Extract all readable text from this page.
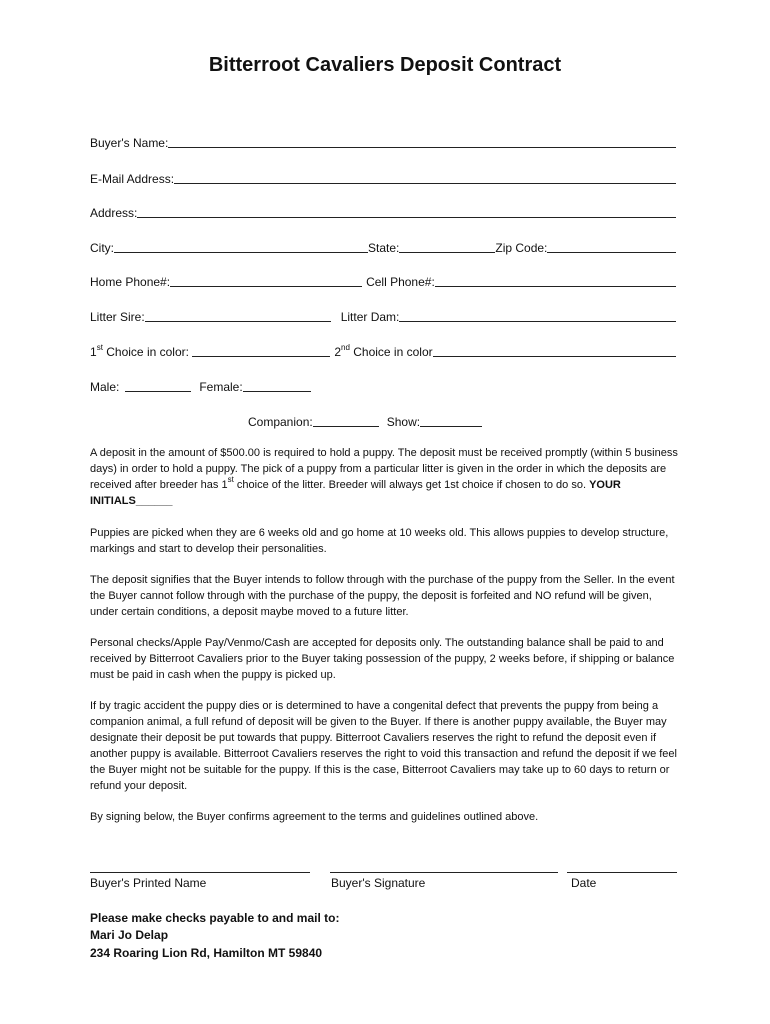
Bitterroot Cavaliers Deposit Contract
Buyer's Name:
E-Mail Address:
Address:
City:	State:	Zip Code:
Home Phone#:	Cell Phone#:
Litter Sire:	Litter Dam:
1st Choice in color:	2nd Choice in color
Male:	Female:
Companion:	Show:

A deposit in the amount of $500.00 is required to hold a puppy. The deposit must be received promptly (within 5 business days) in order to hold a puppy. The pick of a puppy from a particular litter is given in the order in which the deposits are received after breeder has 1st choice of the litter. Breeder will always get 1st choice if chosen to do so. YOUR INITIALS______

Puppies are picked when they are 6 weeks old and go home at 10 weeks old. This allows puppies to develop structure, markings and start to develop their personalities.

The deposit signifies that the Buyer intends to follow through with the purchase of the puppy from the Seller. In the event the Buyer cannot follow through with the purchase of the puppy, the deposit is forfeited and NO refund will be given, under certain conditions, a deposit maybe moved to a future litter.

Personal checks/Apple Pay/Venmo/Cash are accepted for deposits only. The outstanding balance shall be paid to and received by Bitterroot Cavaliers prior to the Buyer taking possession of the puppy, 2 weeks before, if shipping or balance must be paid in cash when the puppy is picked up.

If by tragic accident the puppy dies or is determined to have a congenital defect that prevents the puppy from being a companion animal, a full refund of deposit will be given to the Buyer. If there is another puppy available, the Buyer may designate their deposit be put towards that puppy. Bitterroot Cavaliers reserves the right to refund the deposit even if another puppy is available. Bitterroot Cavaliers reserves the right to void this transaction and refund the deposit if we feel the Buyer might not be suitable for the puppy. If this is the case, Bitterroot Cavaliers may take up to 60 days to return or refund your deposit.

By signing below, the Buyer confirms agreement to the terms and guidelines outlined above.

Buyer's Printed Name	Buyer's Signature	Date
Please make checks payable to and mail to:
Mari Jo Delap
234 Roaring Lion Rd, Hamilton MT 59840
